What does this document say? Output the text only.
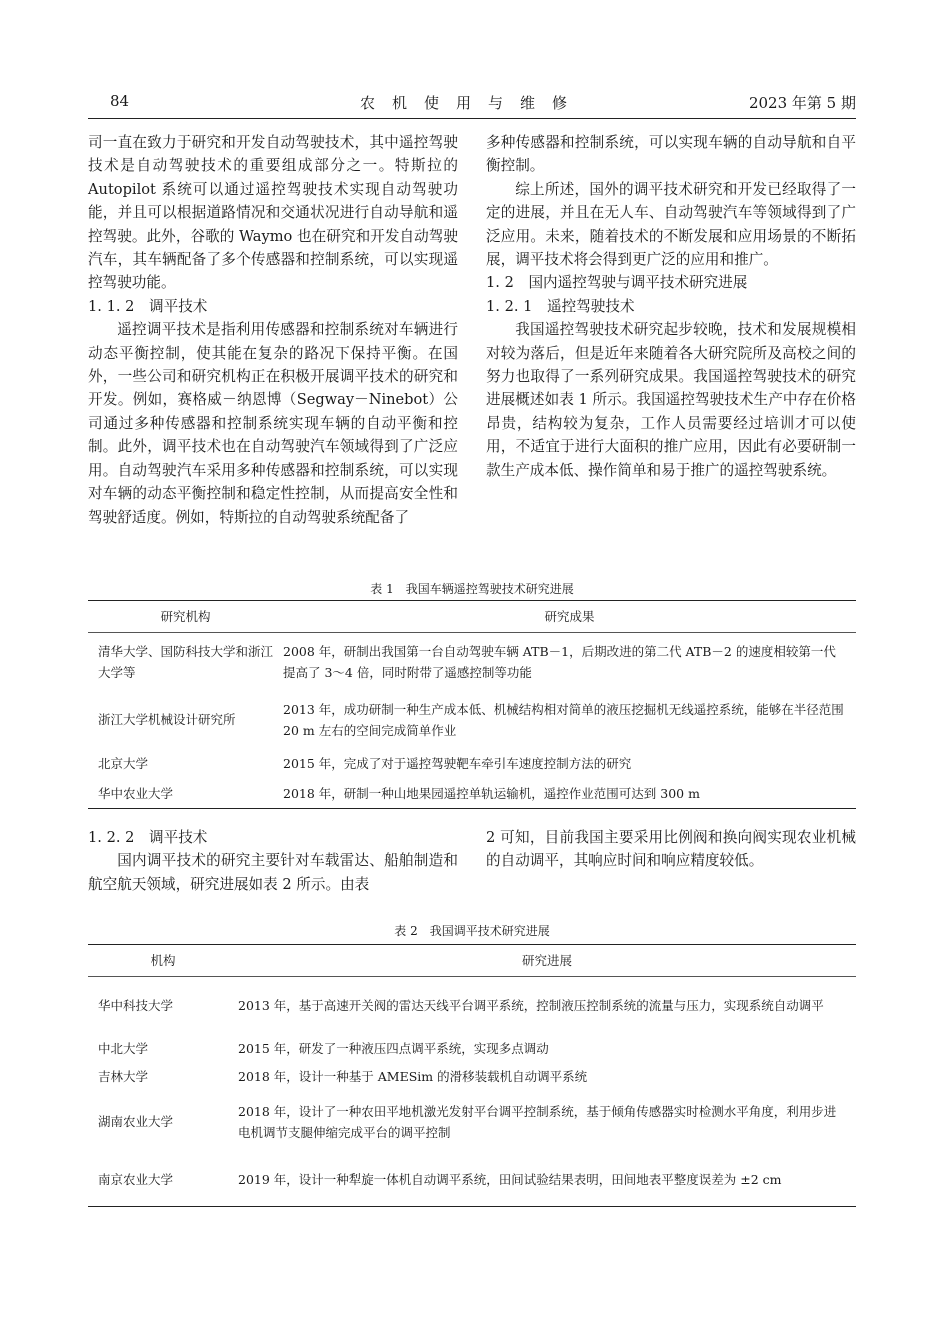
84	农机使用与维修	2023 年第 5 期

司一直在致力于研究和开发自动驾驶技术，其中遥控驾驶技术是自动驾驶技术的重要组成部分之一。特斯拉的 Autopilot 系统可以通过遥控驾驶技术实现自动驾驶功能，并且可以根据道路情况和交通状况进行自动导航和遥控驾驶。此外，谷歌的 Waymo 也在研究和开发自动驾驶汽车，其车辆配备了多个传感器和控制系统，可以实现遥控驾驶功能。

1. 1. 2　调平技术

遥控调平技术是指利用传感器和控制系统对车辆进行动态平衡控制，使其能在复杂的路况下保持平衡。在国外，一些公司和研究机构正在积极开展调平技术的研究和开发。例如，赛格威－纳恩博（Segway－Ninebot）公司通过多种传感器和控制系统实现车辆的自动平衡和控制。此外，调平技术也在自动驾驶汽车领域得到了广泛应用。自动驾驶汽车采用多种传感器和控制系统，可以实现对车辆的动态平衡控制和稳定性控制，从而提高安全性和驾驶舒适度。例如，特斯拉的自动驾驶系统配备了

多种传感器和控制系统，可以实现车辆的自动导航和自平衡控制。

综上所述，国外的调平技术研究和开发已经取得了一定的进展，并且在无人车、自动驾驶汽车等领域得到了广泛应用。未来，随着技术的不断发展和应用场景的不断拓展，调平技术将会得到更广泛的应用和推广。

1. 2　国内遥控驾驶与调平技术研究进展

1. 2. 1　遥控驾驶技术

我国遥控驾驶技术研究起步较晚，技术和发展规模相对较为落后，但是近年来随着各大研究院所及高校之间的努力也取得了一系列研究成果。我国遥控驾驶技术的研究进展概述如表 1 所示。我国遥控驾驶技术生产中存在价格昂贵，结构较为复杂，工作人员需要经过培训才可以使用，不适宜于进行大面积的推广应用，因此有必要研制一款生产成本低、操作简单和易于推广的遥控驾驶系统。

表 1　我国车辆遥控驾驶技术研究进展
研究机构	研究成果
清华大学、国防科技大学和浙江大学等	2008 年，研制出我国第一台自动驾驶车辆 ATB－1，后期改进的第二代 ATB－2 的速度相较第一代提高了 3～4 倍，同时附带了遥感控制等功能
浙江大学机械设计研究所	2013 年，成功研制一种生产成本低、机械结构相对简单的液压挖掘机无线遥控系统，能够在半径范围 20 m 左右的空间完成简单作业
北京大学	2015 年，完成了对于遥控驾驶靶车牵引车速度控制方法的研究
华中农业大学	2018 年，研制一种山地果园遥控单轨运输机，遥控作业范围可达到 300 m

1. 2. 2　调平技术

国内调平技术的研究主要针对车载雷达、船舶制造和航空航天领域，研究进展如表 2 所示。由表

2 可知，目前我国主要采用比例阀和换向阀实现农业机械的自动调平，其响应时间和响应精度较低。

表 2　我国调平技术研究进展
机构	研究进展
华中科技大学	2013 年，基于高速开关阀的雷达天线平台调平系统，控制液压控制系统的流量与压力，实现系统自动调平
中北大学	2015 年，研发了一种液压四点调平系统，实现多点调动
吉林大学	2018 年，设计一种基于 AMESim 的滑移装载机自动调平系统
湖南农业大学	2018 年，设计了一种农田平地机激光发射平台调平控制系统，基于倾角传感器实时检测水平角度，利用步进电机调节支腿伸缩完成平台的调平控制
南京农业大学	2019 年，设计一种犁旋一体机自动调平系统，田间试验结果表明，田间地表平整度误差为 ±2 cm
